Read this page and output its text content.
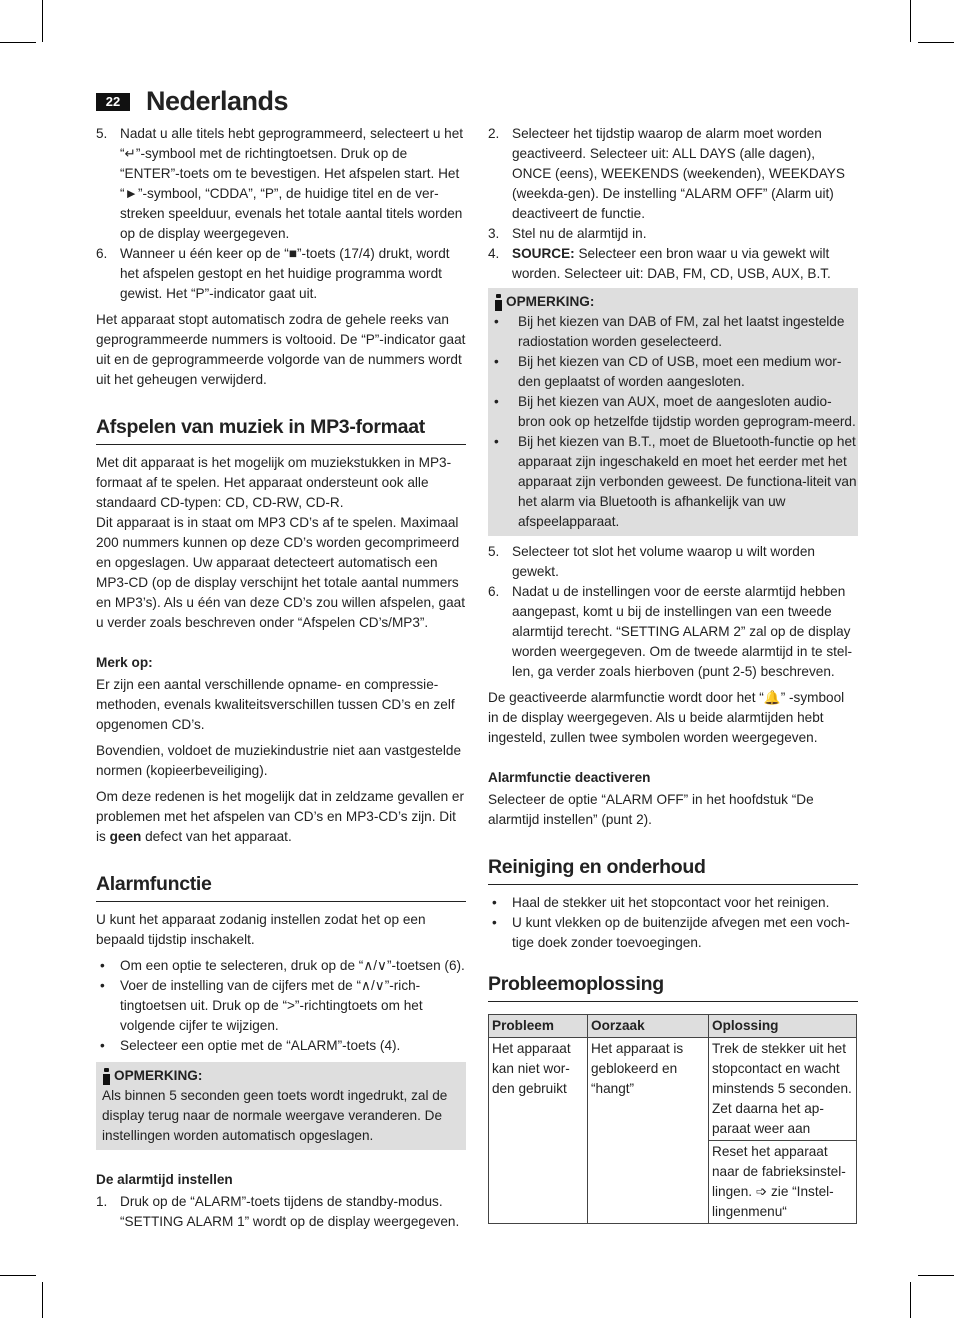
22 Nederlands
5. Nadat u alle titels hebt geprogrammeerd, selecteert u het “↵”-symbool met de richtingtoetsen. Druk op de “ENTER”-toets om te bevestigen. Het afspelen start. Het “►”-symbool, “CDDA”, “P”, de huidige titel en de ver-streken speelduur, evenals het totale aantal titels worden op de display weergegeven.
6. Wanneer u één keer op de “■”-toets (17/4) drukt, wordt het afspelen gestopt en het huidige programma wordt gewist. Het “P”-indicator gaat uit.

Het apparaat stopt automatisch zodra de gehele reeks van geprogrammeerde nummers is voltooid. De “P”-indicator gaat uit en de geprogrammeerde volgorde van de nummers wordt uit het geheugen verwijderd.

Afspelen van muziek in MP3-formaat

Met dit apparaat is het mogelijk om muziekstukken in MP3-formaat af te spelen. Het apparaat ondersteunt ook alle standaard CD-typen: CD, CD-RW, CD-R.

Dit apparaat is in staat om MP3 CD’s af te spelen. Maximaal 200 nummers kunnen op deze CD’s worden gecomprimeerd en opgeslagen. Uw apparaat detecteert automatisch een MP3-CD (op de display verschijnt het totale aantal nummers en MP3’s). Als u één van deze CD’s zou willen afspelen, gaat u verder zoals beschreven onder “Afspelen CD’s/MP3”.

Merk op:

Er zijn een aantal verschillende opname- en compressie-methoden, evenals kwaliteitsverschillen tussen CD’s en zelf opgenomen CD’s.

Bovendien, voldoet de muziekindustrie niet aan vastgestelde normen (kopieerbeveiliging).

Om deze redenen is het mogelijk dat in zeldzame gevallen er problemen met het afspelen van CD’s en MP3-CD’s zijn. Dit is geen defect van het apparaat.

Alarmfunctie

U kunt het apparaat zodanig instellen zodat het op een bepaald tijdstip inschakelt.

• Om een optie te selecteren, druk op de “∧/∨”-toetsen (6).
• Voer de instelling van de cijfers met de “∧/∨”-rich-tingtoetsen uit. Druk op de “>”-richtingtoets om het volgende cijfer te wijzigen.
• Selecteer een optie met de “ALARM”-toets (4).
OPMERKING:
Als binnen 5 seconden geen toets wordt ingedrukt, zal de display terug naar de normale weergave veranderen. De instellingen worden automatisch opgeslagen.
De alarmtijd instellen
1. Druk op de “ALARM”-toets tijdens de standby-modus. “SETTING ALARM 1” wordt op de display weergegeven.
2. Selecteer het tijdstip waarop de alarm moet worden geactiveerd. Selecteer uit: ALL DAYS (alle dagen), ONCE (eens), WEEKENDS (weekenden), WEEKDAYS (weekda-gen). De instelling “ALARM OFF” (Alarm uit) deactiveert de functie.
3. Stel nu de alarmtijd in.
4. SOURCE: Selecteer een bron waar u via gewekt wilt worden. Selecteer uit: DAB, FM, CD, USB, AUX, B.T.
OPMERKING:
• Bij het kiezen van DAB of FM, zal het laatst ingestelde radiostation worden geselecteerd.
• Bij het kiezen van CD of USB, moet een medium wor-den geplaatst of worden aangesloten.
• Bij het kiezen van AUX, moet de aangesloten audio-bron ook op hetzelfde tijdstip worden geprogram-meerd.
• Bij het kiezen van B.T., moet de Bluetooth-functie op het apparaat zijn ingeschakeld en moet het eerder met het apparaat zijn verbonden geweest. De functiona-liteit van het alarm via Bluetooth is afhankelijk van uw afspeelapparaat.
5. Selecteer tot slot het volume waarop u wilt worden gewekt.
6. Nadat u de instellingen voor de eerste alarmtijd hebben aangepast, komt u bij de instellingen van een tweede alarmtijd terecht. “SETTING ALARM 2” zal op de display worden weergegeven. Om de tweede alarmtijd in te stel-len, ga verder zoals hierboven (punt 2-5) beschreven.

De geactiveerde alarmfunctie wordt door het “🔔” -symbool in de display weergegeven. Als u beide alarmtijden hebt ingesteld, zullen twee symbolen worden weergegeven.

Alarmfunctie deactiveren

Selecteer de optie “ALARM OFF” in het hoofdstuk “De alarmtijd instellen” (punt 2).

Reiniging en onderhoud
• Haal de stekker uit het stopcontact voor het reinigen.
• U kunt vlekken op de buitenzijde afvegen met een voch-tige doek zonder toevoegingen.
Probleemoplossing
Probleem	Oorzaak	Oplossing
Het apparaat kan niet wor-den gebruikt	Het apparaat is geblokeerd en “hangt”	Trek de stekker uit het stopcontact en wacht minstends 5 seconden. Zet daarna het ap-paraat weer aan
		Reset het apparaat naar de fabrieksinstel-lingen. ➩ zie “Instel-lingenmenu“
